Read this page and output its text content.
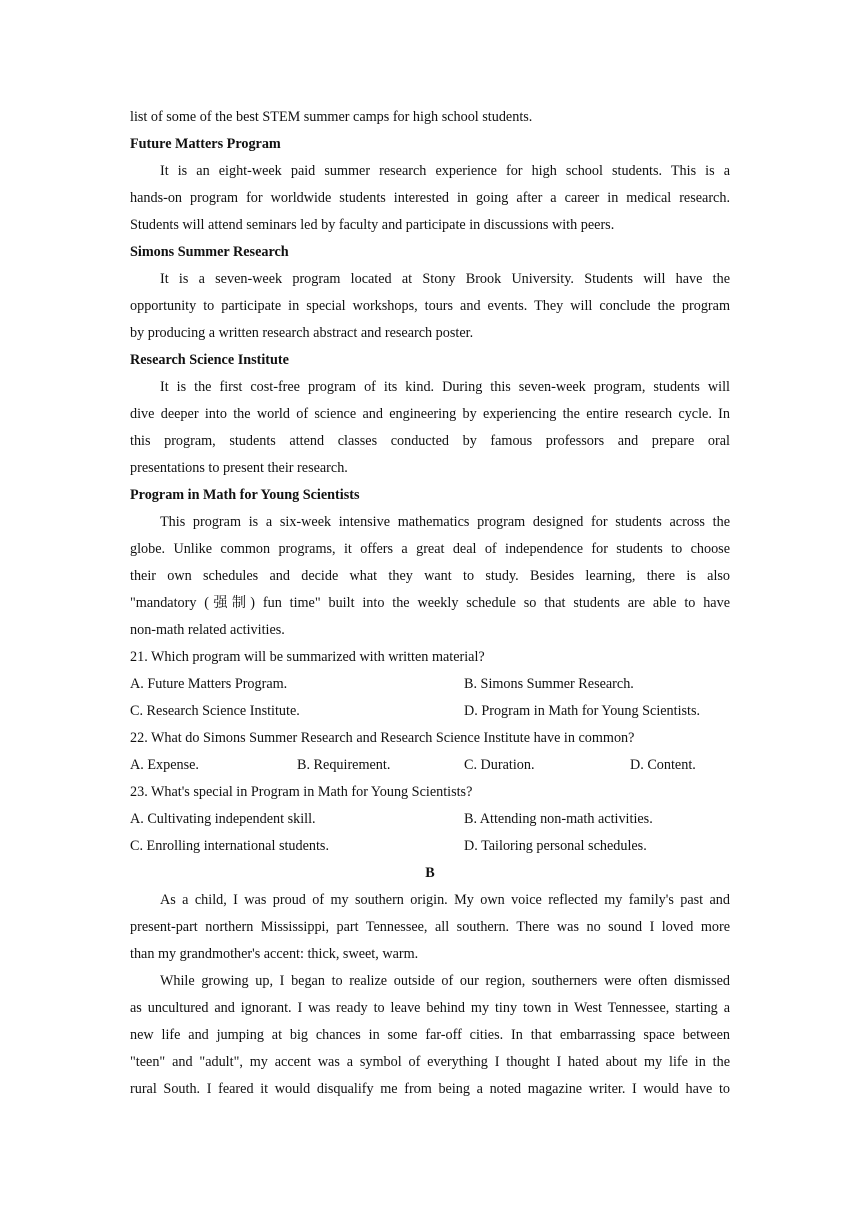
list of some of the best STEM summer camps for high school students.
Future Matters Program
It is an eight-week paid summer research experience for high school students. This is a
hands-on program for worldwide students interested in going after a career in medical research.
Students will attend seminars led by faculty and participate in discussions with peers.
Simons Summer Research
It is a seven-week program located at Stony Brook University. Students will have the
opportunity to participate in special workshops, tours and events. They will conclude the program
by producing a written research abstract and research poster.
Research Science Institute
It is the first cost-free program of its kind. During this seven-week program, students will
dive deeper into the world of science and engineering by experiencing the entire research cycle. In
this program, students attend classes conducted by famous professors and prepare oral
presentations to present their research.
Program in Math for Young Scientists
This program is a six-week intensive mathematics program designed for students across the
globe. Unlike common programs, it offers a great deal of independence for students to choose
their own schedules and decide what they want to study. Besides learning, there is also
"mandatory (强制) fun time" built into the weekly schedule so that students are able to have
non-math related activities.
21. Which program will be summarized with written material?
A. Future Matters Program.	B. Simons Summer Research.
C. Research Science Institute.	D. Program in Math for Young Scientists.
22. What do Simons Summer Research and Research Science Institute have in common?
A. Expense.	B. Requirement.	C. Duration.	D. Content.
23. What's special in Program in Math for Young Scientists?
A. Cultivating independent skill.	B. Attending non-math activities.
C. Enrolling international students.	D. Tailoring personal schedules.
B
As a child, I was proud of my southern origin. My own voice reflected my family's past and
present-part northern Mississippi, part Tennessee, all southern. There was no sound I loved more
than my grandmother's accent: thick, sweet, warm.
While growing up, I began to realize outside of our region, southerners were often dismissed
as uncultured and ignorant. I was ready to leave behind my tiny town in West Tennessee, starting a
new life and jumping at big chances in some far-off cities. In that embarrassing space between
"teen" and "adult", my accent was a symbol of everything I thought I hated about my life in the
rural South. I feared it would disqualify me from being a noted magazine writer. I would have to
